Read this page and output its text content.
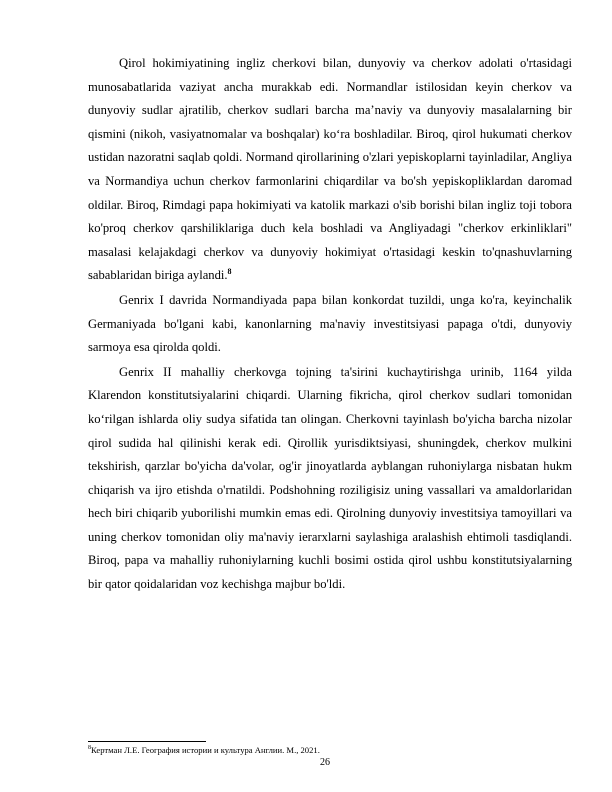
Qirol hokimiyatining ingliz cherkovi bilan, dunyoviy va cherkov adolati o'rtasidagi munosabatlarida vaziyat ancha murakkab edi. Normandlar istilosidan keyin cherkov va dunyoviy sudlar ajratilib, cherkov sudlari barcha maʼnaviy va dunyoviy masalalarning bir qismini (nikoh, vasiyatnomalar va boshqalar) koʻra boshladilar. Biroq, qirol hukumati cherkov ustidan nazoratni saqlab qoldi. Normand qirollarining o'zlari yepiskoplarni tayinladilar, Angliya va Normandiya uchun cherkov farmonlarini chiqardilar va bo'sh yepiskopliklardan daromad oldilar. Biroq, Rimdagi papa hokimiyati va katolik markazi o'sib borishi bilan ingliz toji tobora ko'proq cherkov qarshiliklariga duch kela boshladi va Angliyadagi "cherkov erkinliklari" masalasi kelajakdagi cherkov va dunyoviy hokimiyat o'rtasidagi keskin to'qnashuvlarning sabablaridan biriga aylandi.$^8$

Genrix I davrida Normandiyada papa bilan konkordat tuzildi, unga ko'ra, keyinchalik Germaniyada bo'lgani kabi, kanonlarning ma'naviy investitsiyasi papaga o'tdi, dunyoviy sarmoya esa qirolda qoldi.

Genrix II mahalliy cherkovga tojning ta'sirini kuchaytirishga urinib, 1164 yilda Klarendon konstitutsiyalarini chiqardi. Ularning fikricha, qirol cherkov sudlari tomonidan koʻrilgan ishlarda oliy sudya sifatida tan olingan. Cherkovni tayinlash bo'yicha barcha nizolar qirol sudida hal qilinishi kerak edi. Qirollik yurisdiktsiyasi, shuningdek, cherkov mulkini tekshirish, qarzlar bo'yicha da'volar, og'ir jinoyatlarda ayblangan ruhoniylarga nisbatan hukm chiqarish va ijro etishda o'rnatildi. Podshohning roziligisiz uning vassallari va amaldorlaridan hech biri chiqarib yuborilishi mumkin emas edi. Qirolning dunyoviy investitsiya tamoyillari va uning cherkov tomonidan oliy ma'naviy ierarxlarni saylashiga aralashish ehtimoli tasdiqlandi. Biroq, papa va mahalliy ruhoniylarning kuchli bosimi ostida qirol ushbu konstitutsiyalarning bir qator qoidalaridan voz kechishga majbur bo'ldi.

$^8$Кертман Л.Е. География истории и культура Англии. М., 2021.
26
